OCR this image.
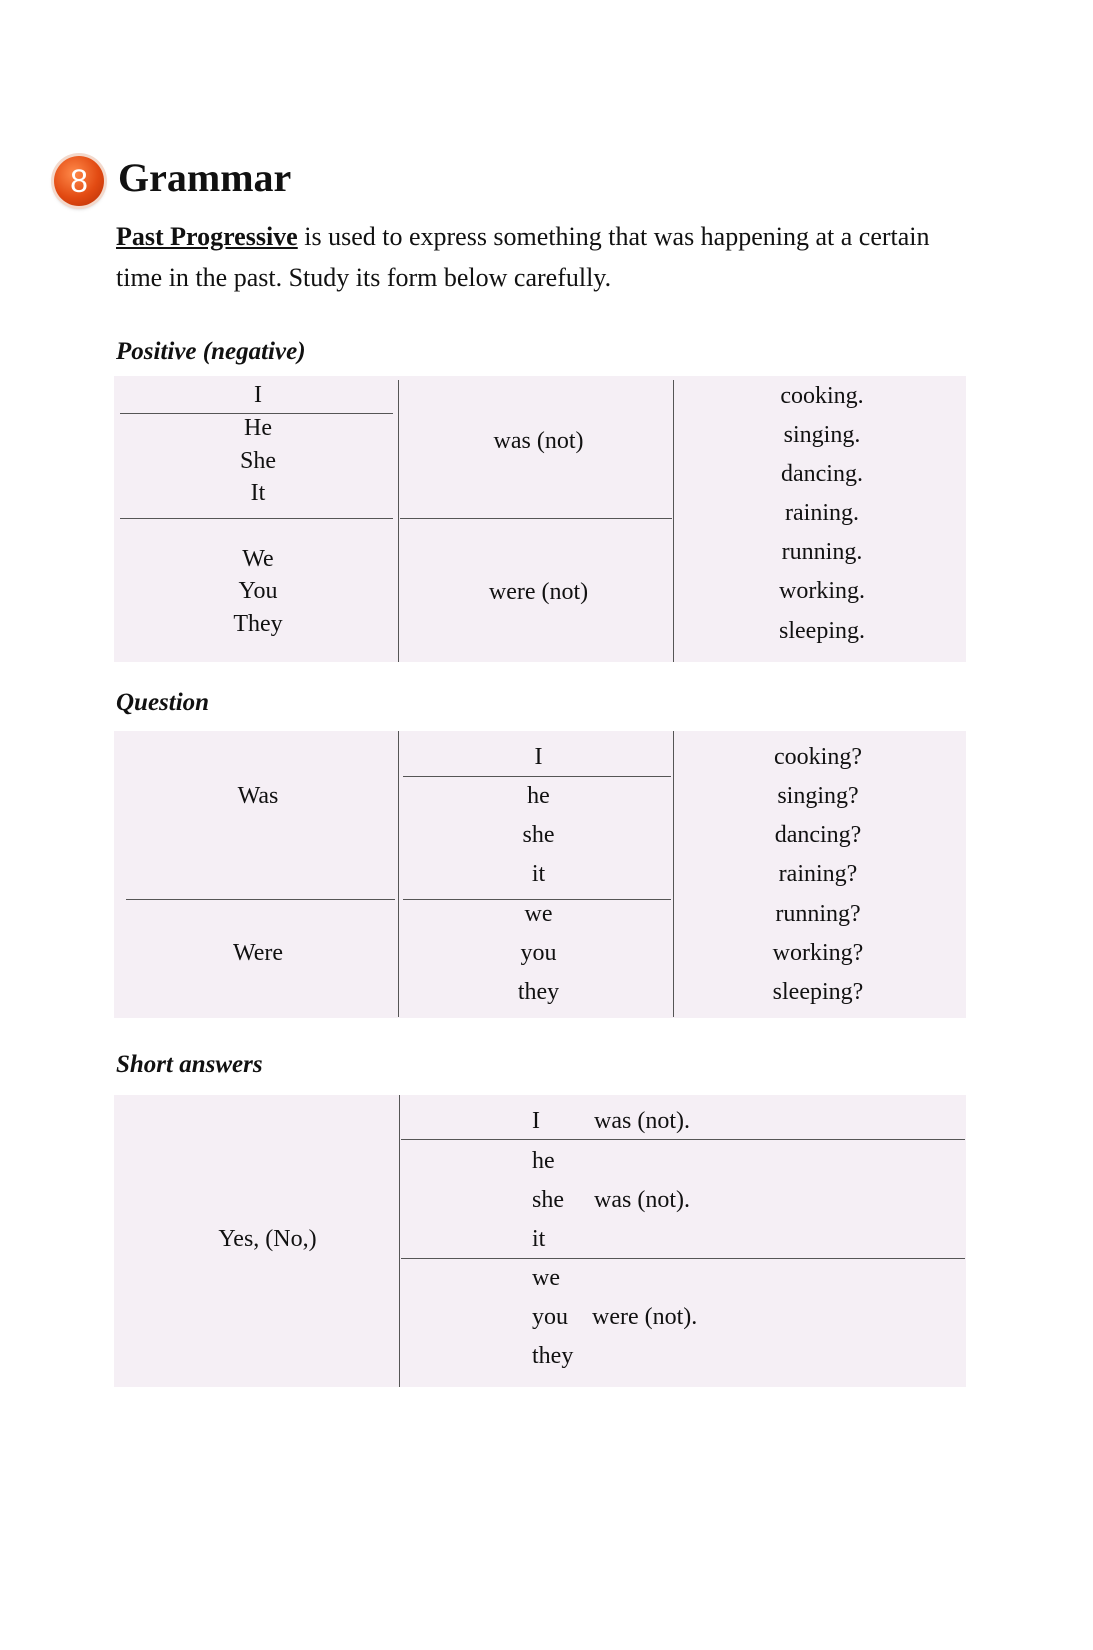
8 Grammar

Past Progressive is used to express something that was happening at a certain
time in the past. Study its form below carefully.

Positive (negative)
I
He
She
It
We
You
They
was (not)
were (not)
cooking.
singing.
dancing.
raining.
running.
working.
sleeping.
Question
Was
Were
I
he
she
it
we
you
they
cooking?
singing?
dancing?
raining?
running?
working?
sleeping?
Short answers
Yes, (No,)
I was (not).
he
she
it
was (not).
we
you
they
were (not).
